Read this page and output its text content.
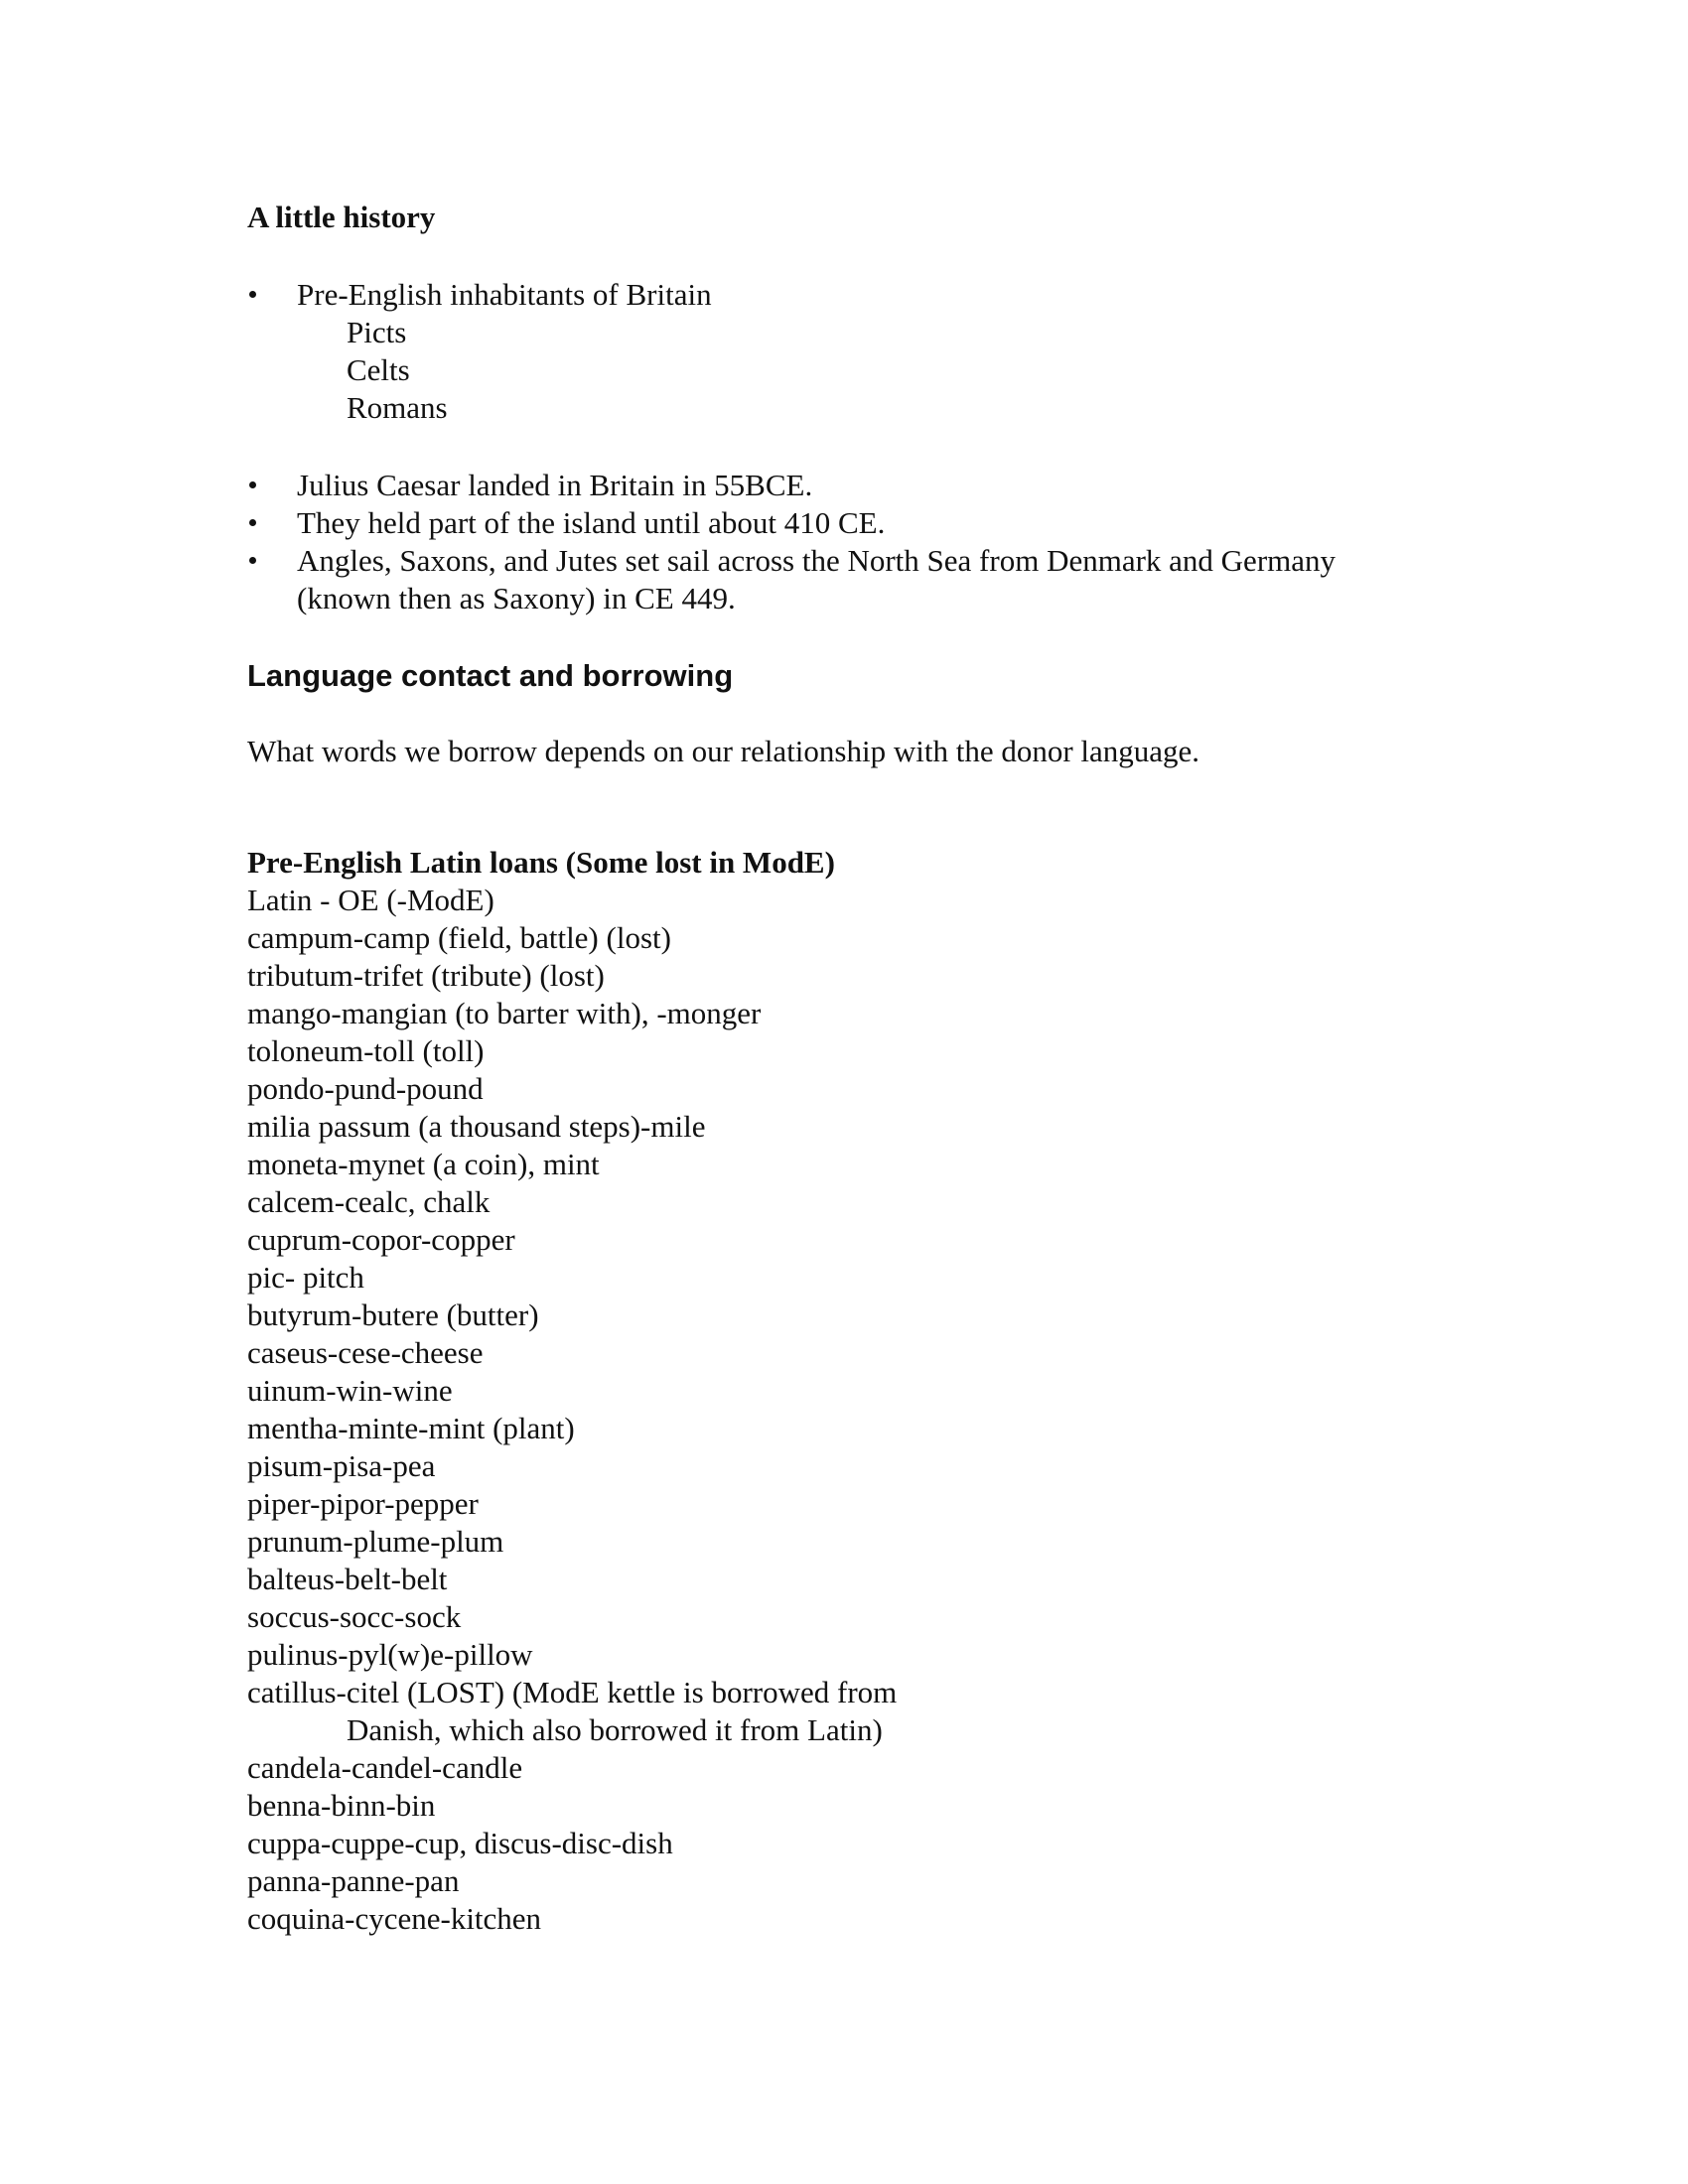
A little history
Pre-English inhabitants of Britain
Picts
Celts
Romans
Julius Caesar landed in Britain in 55BCE.
They held part of the island until about 410 CE.
Angles, Saxons, and Jutes set sail across the North Sea from Denmark and Germany
(known then as Saxony) in CE 449.
Language contact and borrowing
What words we borrow depends on our relationship with the donor language.
Pre-English Latin loans (Some lost in ModE)
Latin - OE (-ModE)
campum-camp (field, battle) (lost)
tributum-trifet (tribute) (lost)
mango-mangian (to barter with), -monger
toloneum-toll (toll)
pondo-pund-pound
milia passum (a thousand steps)-mile
moneta-mynet (a coin), mint
calcem-cealc, chalk
cuprum-copor-copper
pic- pitch
butyrum-butere (butter)
caseus-cese-cheese
uinum-win-wine
mentha-minte-mint (plant)
pisum-pisa-pea
piper-pipor-pepper
prunum-plume-plum
balteus-belt-belt
soccus-socc-sock
pulinus-pyl(w)e-pillow
catillus-citel (LOST) (ModE kettle is borrowed from
Danish, which also borrowed it from Latin)
candela-candel-candle
benna-binn-bin
cuppa-cuppe-cup, discus-disc-dish
panna-panne-pan
coquina-cycene-kitchen
